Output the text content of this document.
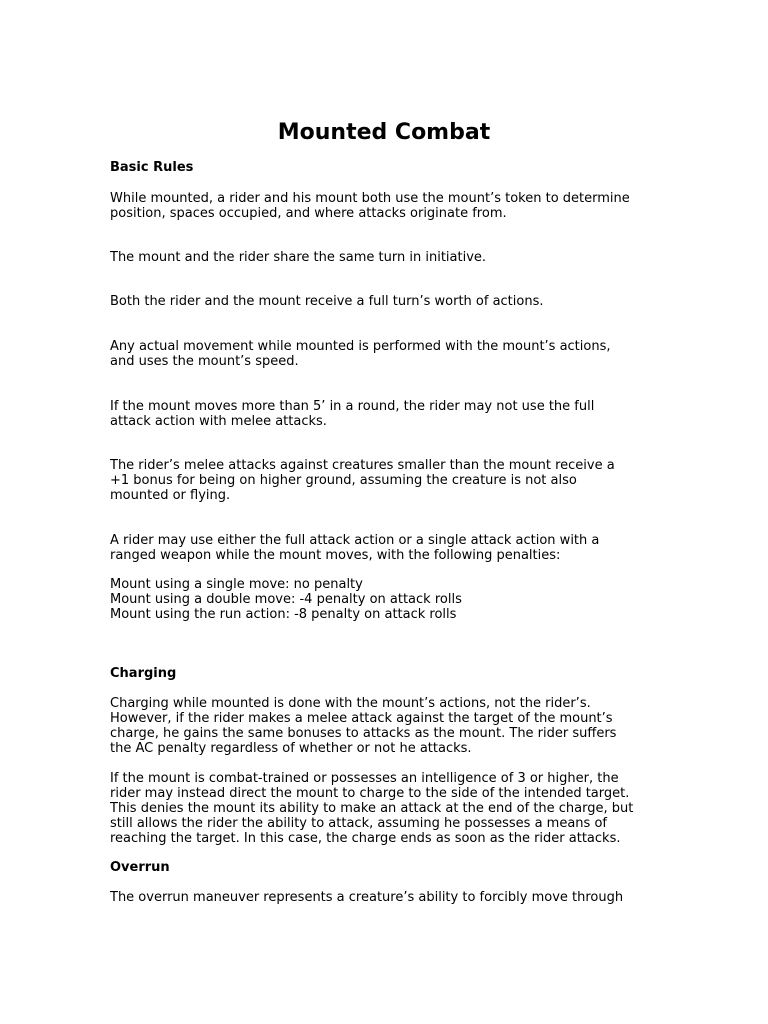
Mounted Combat
Basic Rules

While mounted, a rider and his mount both use the mount’s token to determine
position, spaces occupied, and where attacks originate from.

The mount and the rider share the same turn in initiative.

Both the rider and the mount receive a full turn’s worth of actions.

Any actual movement while mounted is performed with the mount’s actions,
and uses the mount’s speed.

If the mount moves more than 5’ in a round, the rider may not use the full
attack action with melee attacks.

The rider’s melee attacks against creatures smaller than the mount receive a
+1 bonus for being on higher ground, assuming the creature is not also
mounted or flying.

A rider may use either the full attack action or a single attack action with a
ranged weapon while the mount moves, with the following penalties:

Mount using a single move: no penalty
Mount using a double move: -4 penalty on attack rolls
Mount using the run action: -8 penalty on attack rolls

Charging

Charging while mounted is done with the mount’s actions, not the rider’s.
However, if the rider makes a melee attack against the target of the mount’s
charge, he gains the same bonuses to attacks as the mount. The rider suffers
the AC penalty regardless of whether or not he attacks.

If the mount is combat-trained or possesses an intelligence of 3 or higher, the
rider may instead direct the mount to charge to the side of the intended target.
This denies the mount its ability to make an attack at the end of the charge, but
still allows the rider the ability to attack, assuming he possesses a means of
reaching the target. In this case, the charge ends as soon as the rider attacks.

Overrun

The overrun maneuver represents a creature’s ability to forcibly move through
